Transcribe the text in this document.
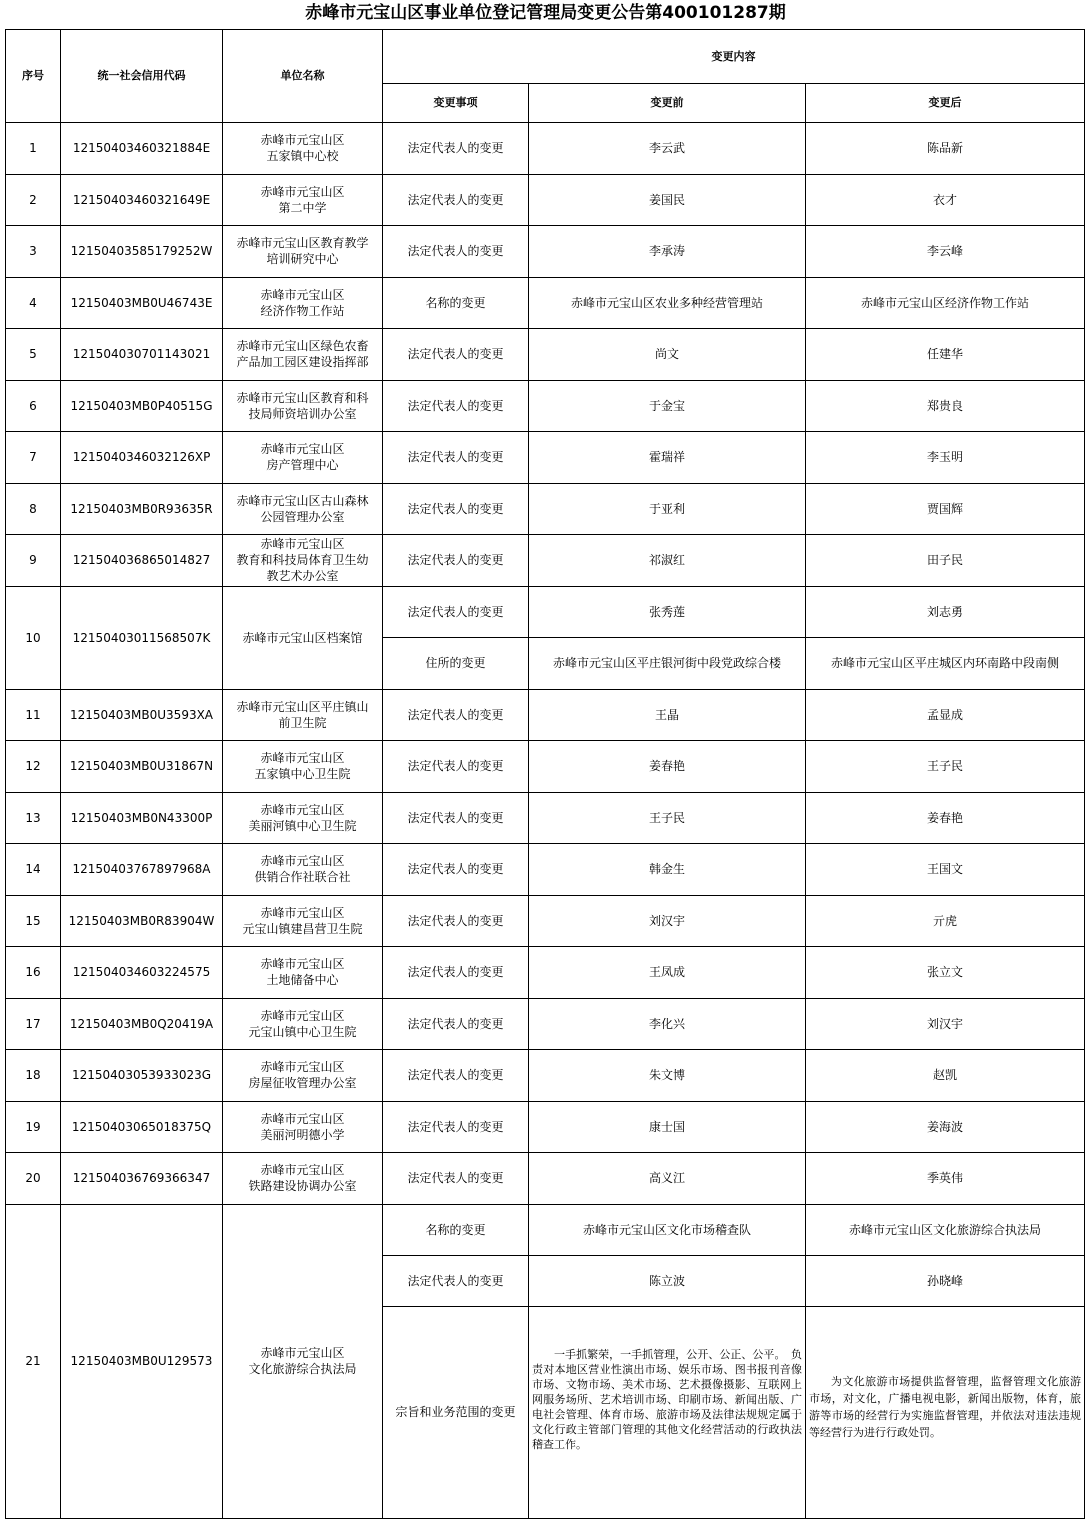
赤峰市元宝山区事业单位登记管理局变更公告第400101287期
序号	统一社会信用代码	单位名称	变更内容		
			变更事项	变更前	变更后
1	12150403460321884E	赤峰市元宝山区
五家镇中心校	法定代表人的变更	李云武	陈品新
2	12150403460321649E	赤峰市元宝山区
第二中学	法定代表人的变更	姜国民	衣才
3	12150403585179252W	赤峰市元宝山区教育教学
培训研究中心	法定代表人的变更	李承涛	李云峰
4	12150403MB0U46743E	赤峰市元宝山区
经济作物工作站	名称的变更	赤峰市元宝山区农业多种经营管理站	赤峰市元宝山区经济作物工作站
5	121504030701143021	赤峰市元宝山区绿色农畜
产品加工园区建设指挥部	法定代表人的变更	尚文	任建华
6	12150403MB0P40515G	赤峰市元宝山区教育和科
技局师资培训办公室	法定代表人的变更	于金宝	郑贵良
7	1215040346032126XP	赤峰市元宝山区
房产管理中心	法定代表人的变更	霍瑞祥	李玉明
8	12150403MB0R93635R	赤峰市元宝山区古山森林
公园管理办公室	法定代表人的变更	于亚利	贾国辉
9	121504036865014827	赤峰市元宝山区
教育和科技局体育卫生幼
教艺术办公室	法定代表人的变更	祁淑红	田子民
10	12150403011568507K	赤峰市元宝山区档案馆	法定代表人的变更	张秀莲	刘志勇
			住所的变更	赤峰市元宝山区平庄银河街中段党政综合楼	赤峰市元宝山区平庄城区内环南路中段南侧
11	12150403MB0U3593XA	赤峰市元宝山区平庄镇山
前卫生院	法定代表人的变更	王晶	孟显成
12	12150403MB0U31867N	赤峰市元宝山区
五家镇中心卫生院	法定代表人的变更	姜春艳	王子民
13	12150403MB0N43300P	赤峰市元宝山区
美丽河镇中心卫生院	法定代表人的变更	王子民	姜春艳
14	12150403767897968A	赤峰市元宝山区
供销合作社联合社	法定代表人的变更	韩金生	王国文
15	12150403MB0R83904W	赤峰市元宝山区
元宝山镇建昌营卫生院	法定代表人的变更	刘汉宇	亓虎
16	121504034603224575	赤峰市元宝山区
土地储备中心	法定代表人的变更	王凤成	张立文
17	12150403MB0Q20419A	赤峰市元宝山区
元宝山镇中心卫生院	法定代表人的变更	李化兴	刘汉宇
18	12150403053933023G	赤峰市元宝山区
房屋征收管理办公室	法定代表人的变更	朱文博	赵凯
19	12150403065018375Q	赤峰市元宝山区
美丽河明德小学	法定代表人的变更	康士国	姜海波
20	121504036769366347	赤峰市元宝山区
铁路建设协调办公室	法定代表人的变更	高义江	季英伟
21	12150403MB0U129573	赤峰市元宝山区
文化旅游综合执法局	名称的变更	赤峰市元宝山区文化市场稽查队	赤峰市元宝山区文化旅游综合执法局
			法定代表人的变更	陈立波	孙晓峰
			宗旨和业务范围的变更	一手抓繁荣，一手抓管理，公开、公正、公平。　负责对本地区营业性演出市场、娱乐市场、图书报刊音像市场、文物市场、美术市场、艺术摄像摄影、互联网上网服务场所、艺术培训市场、印刷市场、新闻出版、广电社会管理、体育市场、旅游市场及法律法规规定属于文化行政主管部门管理的其他文化经营活动的行政执法稽查工作。	为文化旅游市场提供监督管理，监督管理文化旅游市场，对文化，广播电视电影，新闻出版物，体育，旅游等市场的经营行为实施监督管理，并依法对违法违规等经营行为进行行政处罚。
